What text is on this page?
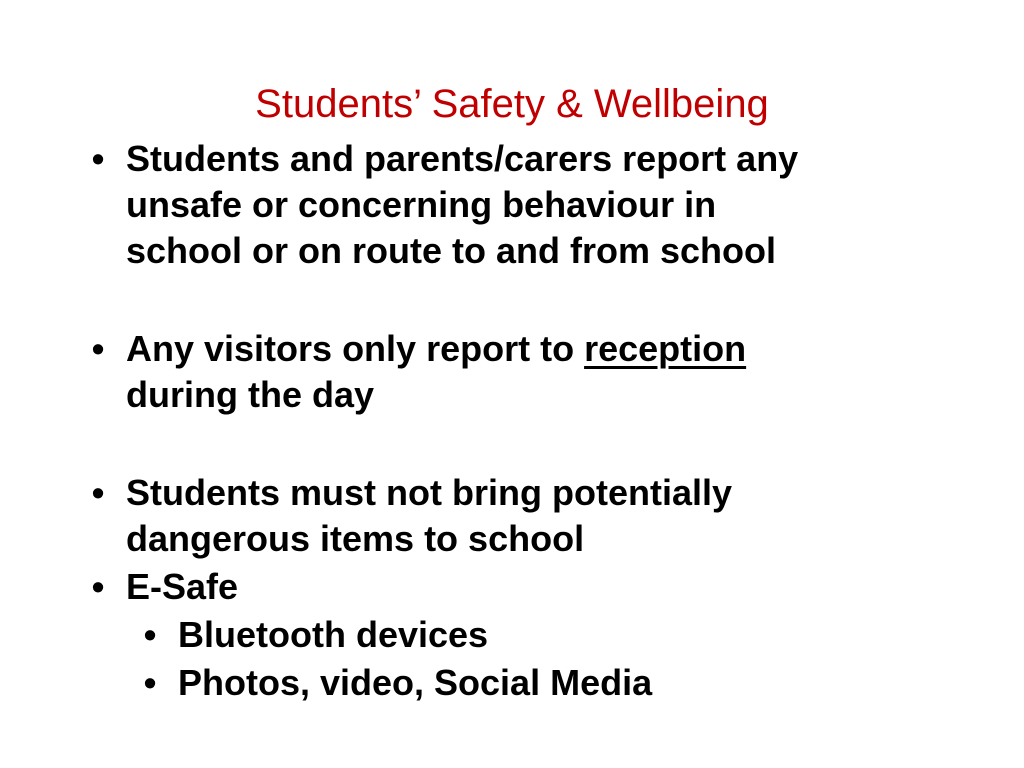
Students’ Safety & Wellbeing
• Students and parents/carers report any
unsafe or concerning behaviour in
school or on route to and from school
• Any visitors only report to reception
during the day
• Students must not bring potentially
dangerous items to school
• E-Safe
• Bluetooth devices
• Photos, video, Social Media
